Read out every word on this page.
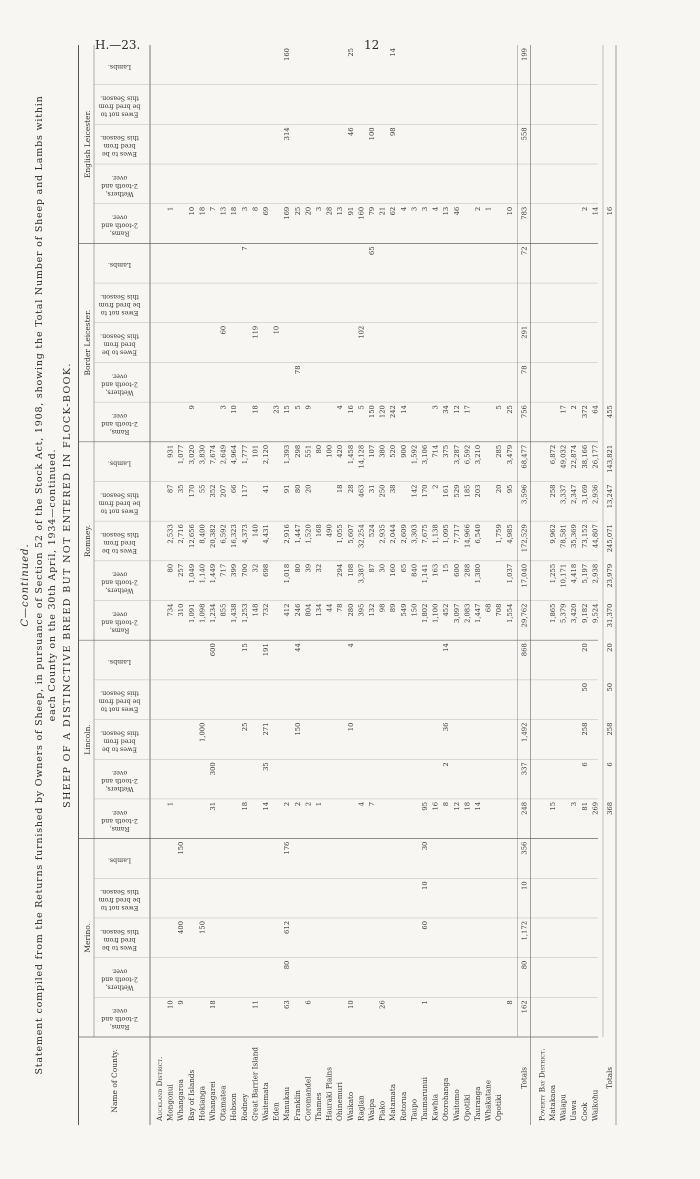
H.—23.	12
C—continued. Statement compiled from the Returns furnished by Owners of Sheep, in pursuance of Section 52 of the Stock Act, 1908, showing the Total Number of Sheep and Lambs within each County on the 30th April, 1934—continued. SHEEP OF A DISTINCTIVE BREED BUT NOT ENTERED IN FLOCK-BOOK.
Name of County.
Merino.
Rams,
2-tooth and
over.
Wethers,
2-tooth and
over.
Ewes to be
bred from
this Season.
Ewes not to
be bred from
this Season.
Lambs.
Lincoln.
Rams,
2-tooth and
over.
Wethers,
2-tooth and
over.
Ewes to be
bred from
this Season.
Ewes not to
be bred from
this Season.
Lambs.
Romney.
Rams,
2-tooth and
over.
Wethers,
2-tooth and
over.
Ewes to be
bred from
this Season.
Ewes not to
be bred from
this Season.
Lambs.
Border Leicester.
Rams,
2-tooth and
over.
Wethers,
2-tooth and
over.
Ewes to be
bred from
this Season.
Ewes not to
be bred from
this Season.
Lambs.
English Leicester.
Rams,
2-tooth and
over.
Wethers,
2-tooth and
over.
Ewes to be
bred from
this Season.
Ewes not to
be bred from
this Season.
Lambs.
Auckland District. Mongonui
10
1
734
80
2,533
87
931
1
Whangaroa
9
400
150
310
257
2,716
35
1,077
Bay of Islands
1,091
1,049
12,656
170
3,020
9
10
Hokianga
150
1,000
1,098
1,140
8,400
55
3,830
18
Whangarei
18
31
300
600
1,234
1,449
20,382
352
7,674
7
Otamatea
855
717
6,592
207
2,649
3
60
13
Hobson
1,438
399
16,323
66
4,964
10
18
Rodney
18
25
15
1,253
700
4,373
117
1,777
7
3
Great Barrier Island
11
148
32
140
101
18
119
8
Waitemata
14
35
271
191
732
698
4,431
41
2,120
69
Eden
23
10
Manukau
63
80
612
176
2
412
1,018
2,916
91
1,393
15
169
314
160
Franklin
2
150
44
246
80
1,447
80
298
5
78
25
Coromandel
6
2
804
39
1,520
20
551
9
20
Thames
1
134
32
168
80
3
Hauraki Plains
44
490
100
28
Ohinemuri
78
294
1,055
18
420
4
13
Waikato
10
10
4
280
108
5,607
28
1,458
16
91
46
25
Raglan
4
395
3,387
32,254
463
14,128
5
102
160
Waipa
7
132
87
524
31
107
150
65
79
100
Piako
26
98
30
2,935
250
380
120
21
Matamata
89
160
2,044
38
520
242
62
98
14
Rotorua
549
65
2,609
900
14
4
Taupo
150
840
3,303
142
1,592
3
Taumarunui
1
60
10
30
95
1,802
1,141
7,675
170
3,106
3
Kawhia
16
1,100
163
1,138
2
714
3
4
Otorohanga
8
2
36
14
452
15
1,095
161
375
34
13
Waitomo
12
3,097
600
7,717
529
3,287
12
46
Opotiki
18
2,083
288
14,966
185
6,592
17
Tauranga
14
1,447
1,380
6,540
203
3,210
2
Whakatane
68
1
Opotiki
708
1,759
20
285
5
8
1,554
1,037
4,985
95
3,479
25
10
Totals
162
80
1,172
10
356
248
337
1,492
868
29,762
17,040
172,529
3,596
68,477
756
78
291
72
783
558
199
Poverty Bay District. Matakaoa
15
1,865
1,255
9,962
258
6,872
Waiapu
5,379
10,171
78,581
3,337
49,032
17
Uawa
3
3,420
4,418
35,369
2,347
22,874
2
Cook
81
6
258
50
20
9,182
5,197
73,152
3,169
38,166
372
2
Waikohu
269
9,524
2,938
44,807
2,936
26,177
64
14
Totals
368
6
258
50
20
31,370
23,979
245,071
13,247
143,821
455
16
